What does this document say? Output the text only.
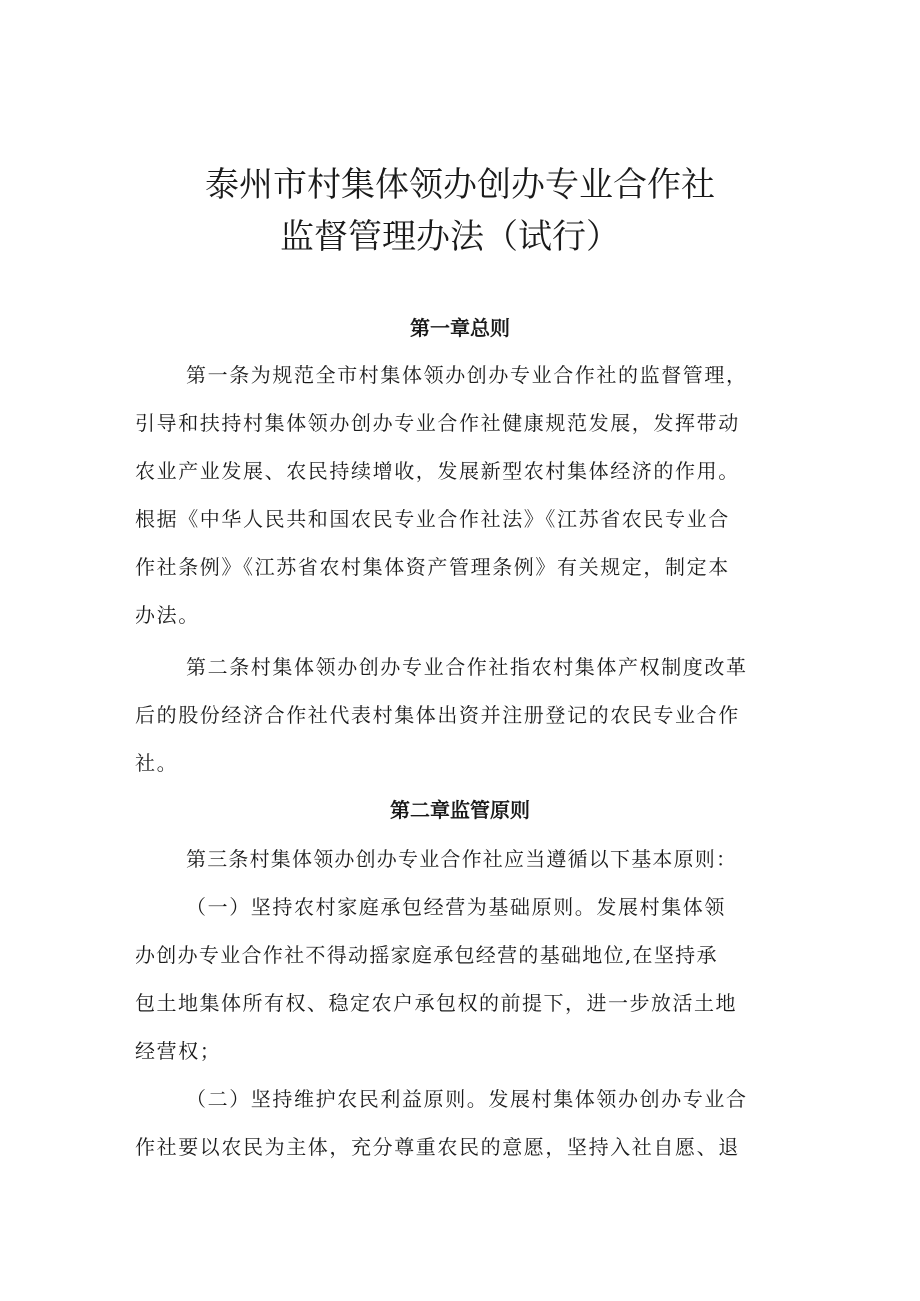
泰州市村集体领办创办专业合作社
监督管理办法（试行）
第一章总则

第一条为规范全市村集体领办创办专业合作社的监督管理，

引导和扶持村集体领办创办专业合作社健康规范发展，发挥带动

农业产业发展、农民持续增收，发展新型农村集体经济的作用。

根据《中华人民共和国农民专业合作社法》《江苏省农民专业合

作社条例》《江苏省农村集体资产管理条例》有关规定，制定本

办法。

第二条村集体领办创办专业合作社指农村集体产权制度改革

后的股份经济合作社代表村集体出资并注册登记的农民专业合作

社。

第二章监管原则

第三条村集体领办创办专业合作社应当遵循以下基本原则：

（一）坚持农村家庭承包经营为基础原则。发展村集体领

办创办专业合作社不得动摇家庭承包经营的基础地位,在坚持承

包土地集体所有权、稳定农户承包权的前提下，进一步放活土地

经营权；

（二）坚持维护农民利益原则。发展村集体领办创办专业合

作社要以农民为主体，充分尊重农民的意愿，坚持入社自愿、退
